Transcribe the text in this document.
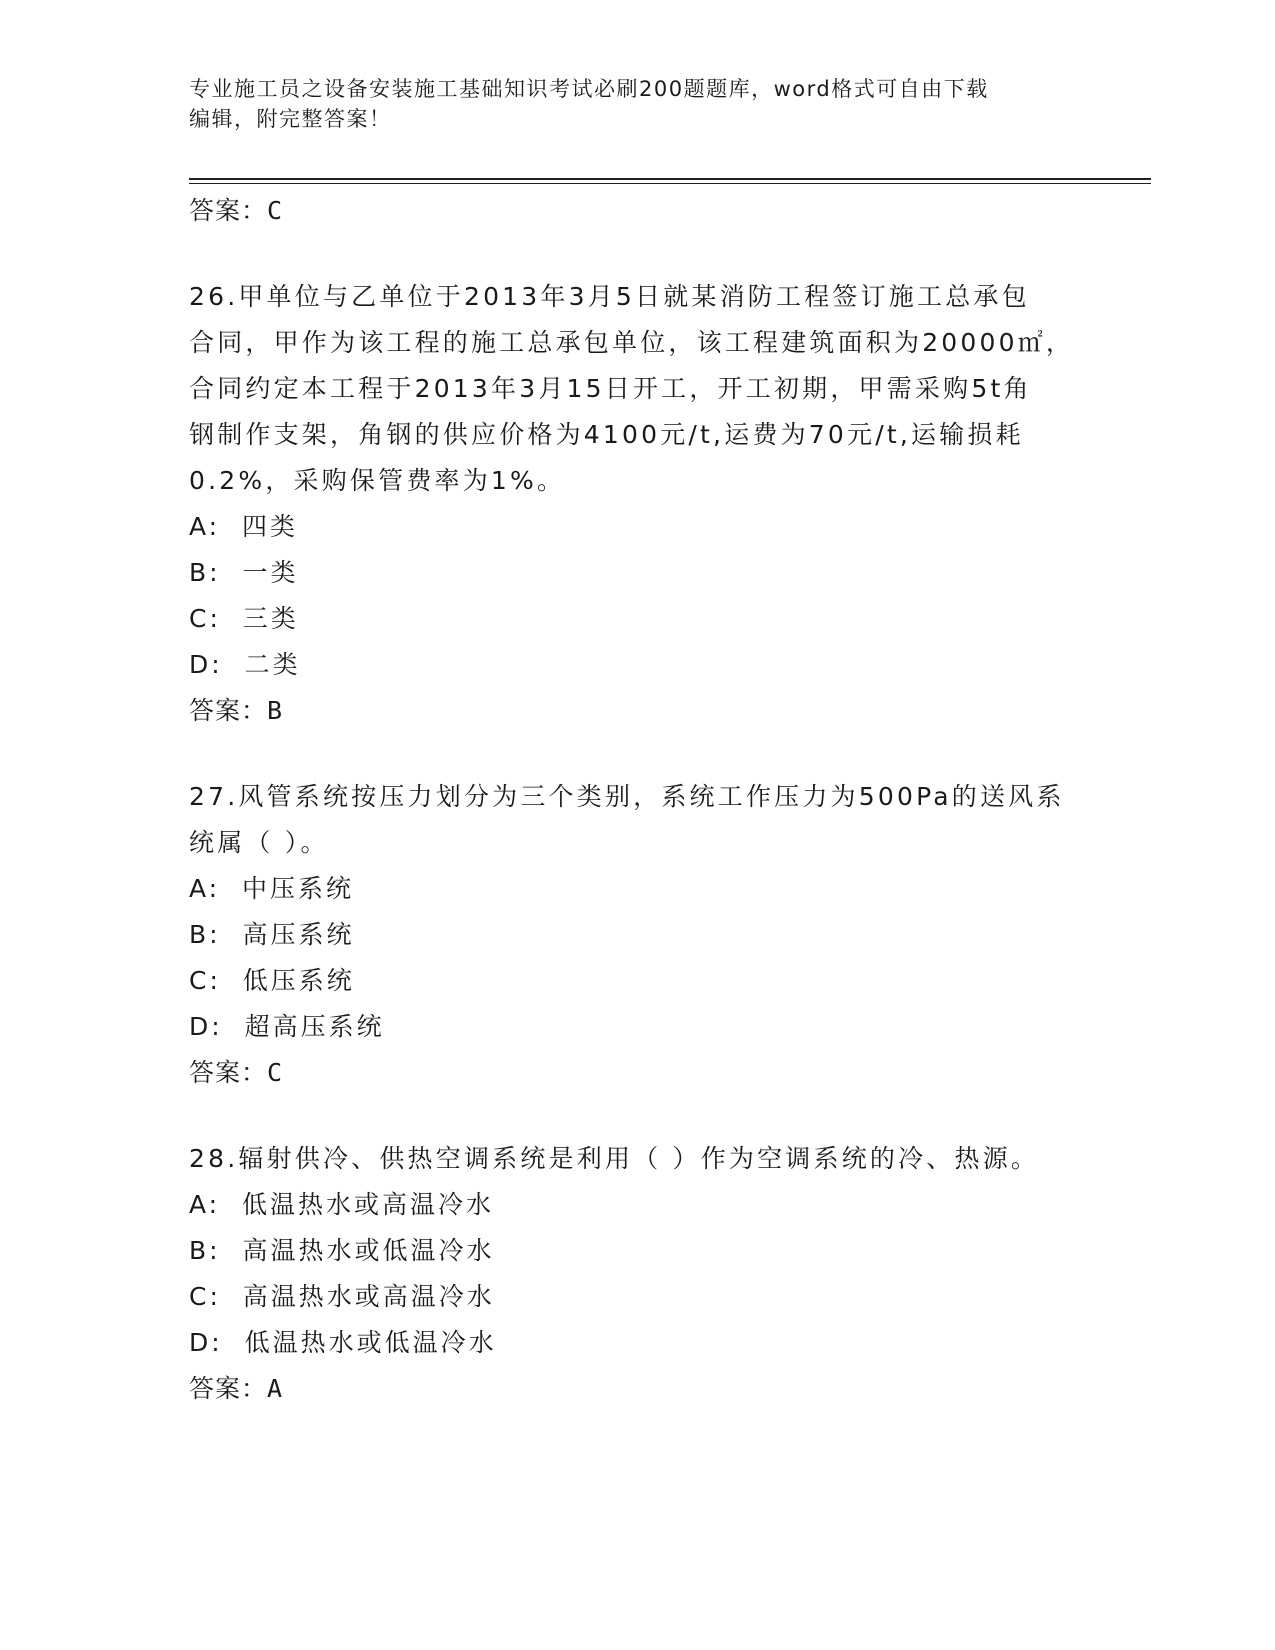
专业施工员之设备安装施工基础知识考试必刷200题题库，word格式可自由下载
编辑，附完整答案！
答案：C
26.甲单位与乙单位于2013年3月5日就某消防工程签订施工总承包
合同，甲作为该工程的施工总承包单位，该工程建筑面积为20000㎡，
合同约定本工程于2013年3月15日开工，开工初期，甲需采购5t角
钢制作支架，角钢的供应价格为4100元/t,运费为70元/t,运输损耗
0.2%，采购保管费率为1%。
A:  四类
B:  一类
C:  三类
D:  二类
答案：B
27.风管系统按压力划分为三个类别，系统工作压力为500Pa的送风系
统属（ ）。
A:  中压系统
B:  高压系统
C:  低压系统
D:  超高压系统
答案：C
28.辐射供冷、供热空调系统是利用（ ）作为空调系统的冷、热源。
A:  低温热水或高温冷水
B:  高温热水或低温冷水
C:  高温热水或高温冷水
D:  低温热水或低温冷水
答案：A
